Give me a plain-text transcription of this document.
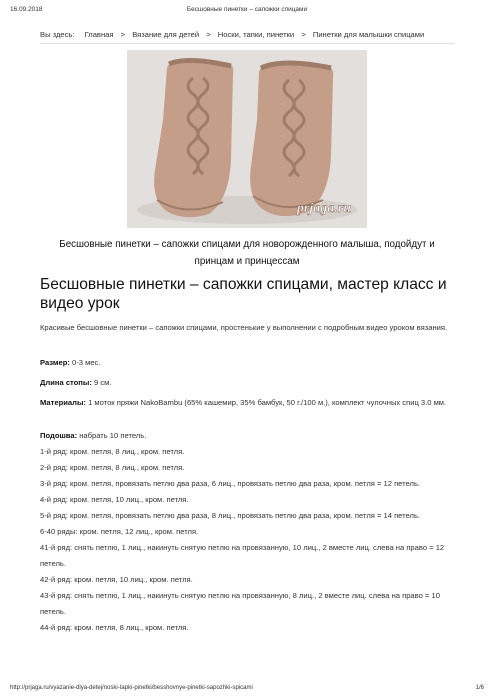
16.09.2018	Бесшовные пинетки – сапожки спицами
Вы здесь: Главная > Вязание для детей > Носки, тапки, пинетки > Пинетки для малышки спицами
prjaga.ru
Бесшовные пинетки – сапожки спицами для новорожденного малыша, подойдут и принцам и принцессам
Бесшовные пинетки – сапожки спицами, мастер класс и видео урок
Красивые бесшовные пинетки – сапожки спицами, простенькие у выполнении с подробным видео уроком вязания.

Размер: 0-3 мес.

Длина стопы: 9 см.

Материалы: 1 моток пряжи NakoBambu (65% кашемир, 35% бамбук, 50 г./100 м.), комплект чулочных спиц 3.0 мм.

Подошва: набрать 10 петель.

1-й ряд: кром. петля, 8 лиц., кром. петля.

2-й ряд: кром. петля, 8 лиц., кром. петля.

3-й ряд: кром. петля, провязать петлю два раза, 6 лиц., провязать петлю два раза, кром. петля = 12 петель.

4-й ряд: кром. петля, 10 лиц., кром. петля.

5-й ряд: кром. петля, провязать петлю два раза, 8 лиц., провязать петлю два раза, кром. петля = 14 петель.

6-40 ряды: кром. петля, 12 лиц., кром. петля.

41-й ряд: снять петлю, 1 лиц., накинуть снятую петлю на провязанную, 10 лиц., 2 вместе лиц. слева на право = 12 петель.

42-й ряд: кром. петля, 10 лиц., кром. петля.

43-й ряд: снять петлю, 1 лиц., накинуть снятую петлю на провязанную, 8 лиц., 2 вместе лиц. слева на право = 10 петель.

44-й ряд: кром. петля, 8 лиц., кром. петля.

http://prjaga.ru/vyazanie-dlya-detej/noski-tapki-pinetki/besshovnye-pinetki-sapozhki-spicami	1/6
